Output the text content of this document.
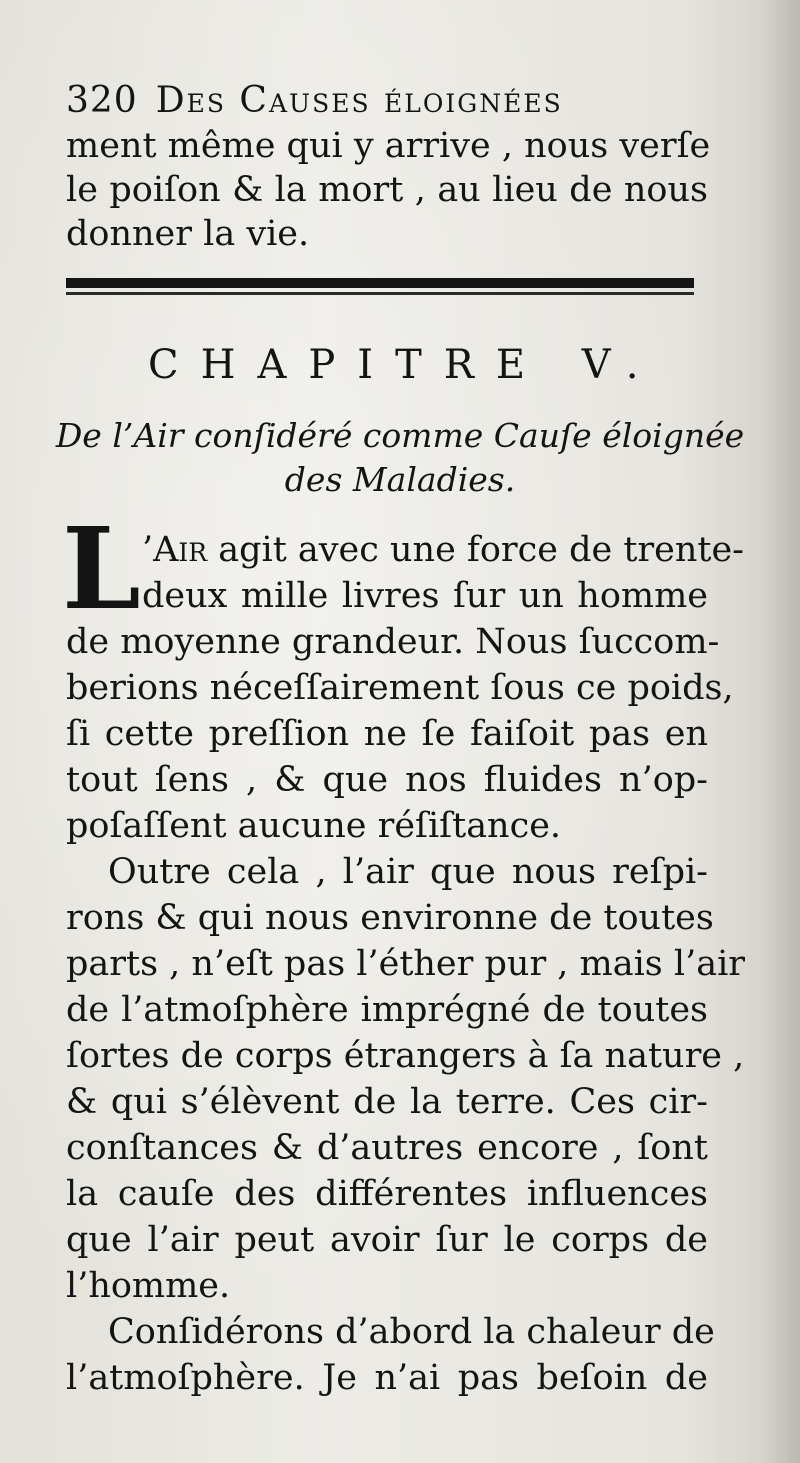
320 Des Causes éloignées
ment même qui y arrive , nous verſe
le poiſon & la mort , au lieu de nous
donner la vie.
CHAPITRE V.
De l’Air conſidéré comme Cauſe éloignée
des Maladies.
L ’Air agit avec une force de trente-
deux mille livres ſur un homme
de moyenne grandeur. Nous ſuccom-
berions néceſſairement ſous ce poids,
ſi cette preſſion ne ſe faiſoit pas en
tout ſens , & que nos fluides n’op-
poſaſſent aucune réſiſtance.
Outre cela , l’air que nous reſpi-
rons & qui nous environne de toutes
parts , n’eſt pas l’éther pur , mais l’air
de l’atmoſphère imprégné de toutes
ſortes de corps étrangers à ſa nature ,
& qui s’élèvent de la terre. Ces cir-
conſtances & d’autres encore , ſont
la cauſe des différentes influences
que l’air peut avoir ſur le corps de
l’homme.
Conſidérons d’abord la chaleur de
l’atmoſphère. Je n’ai pas beſoin de
